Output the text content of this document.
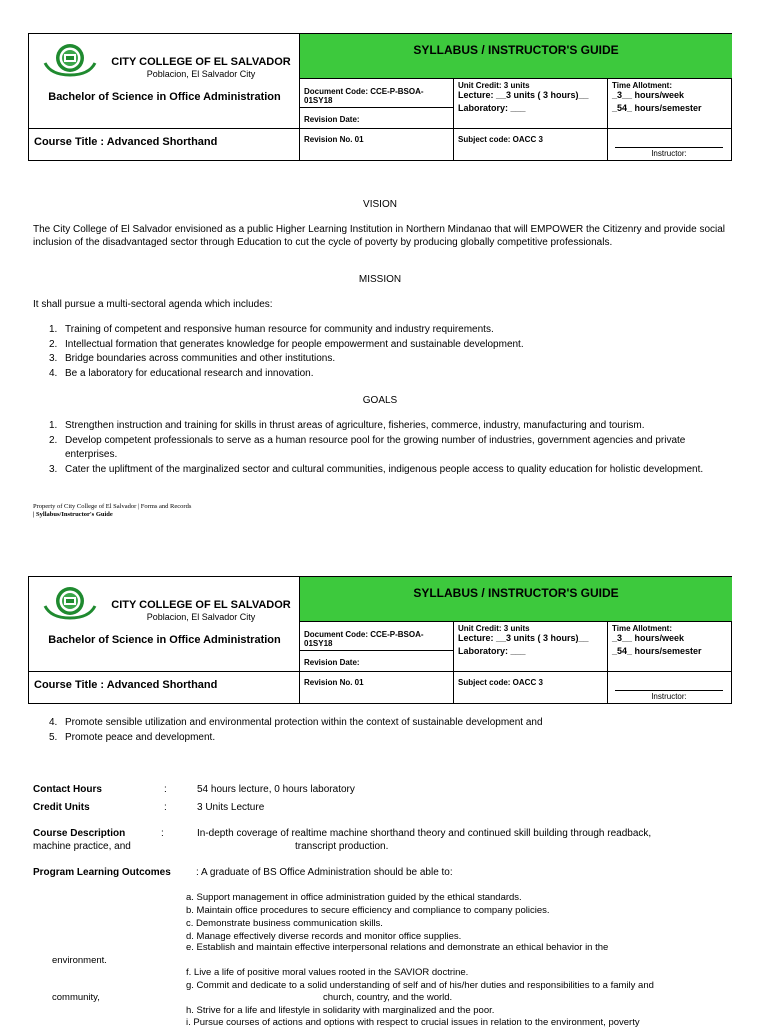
SYLLABUS / INSTRUCTOR'S GUIDE
CITY COLLEGE OF EL SALVADOR
Poblacion, El Salvador City
Bachelor of Science in Office Administration	Document Code: CCE-P-BSOA-01SY18
Revision Date:
Unit Credit: 3 units
Lecture: __3 units ( 3 hours)__
Laboratory: ___
Time Allotment:
_3__ hours/week
_54_ hours/semester
Course Title : Advanced Shorthand	Revision No. 01	Subject code: OACC 3
Instructor:
VISION
The City College of El Salvador envisioned as a public Higher Learning Institution in Northern Mindanao that will EMPOWER the Citizenry and provide social inclusion of the disadvantaged sector through Education to cut the cycle of poverty by producing globally competitive professionals.
MISSION
It shall pursue a multi-sectoral agenda which includes:
1. Training of competent and responsive human resource for community and industry requirements.
2. Intellectual formation that generates knowledge for people empowerment and sustainable development.
3. Bridge boundaries across communities and other institutions.
4. Be a laboratory for educational research and innovation.
GOALS
1. Strengthen instruction and training for skills in thrust areas of agriculture, fisheries, commerce, industry, manufacturing and tourism.
2. Develop competent professionals to serve as a human resource pool for the growing number of industries, government agencies and private enterprises.
3. Cater the upliftment of the marginalized sector and cultural communities, indigenous people access to quality education for holistic development.
Property of City College of El Salvador | Forms and Records
| Syllabus/Instructor's Guide
SYLLABUS / INSTRUCTOR'S GUIDE
CITY COLLEGE OF EL SALVADOR
Poblacion, El Salvador City
Bachelor of Science in Office Administration	Document Code: CCE-P-BSOA-01SY18
Revision Date:
Unit Credit: 3 units
Lecture: __3 units ( 3 hours)__
Laboratory: ___
Time Allotment:
_3__ hours/week
_54_ hours/semester
Course Title : Advanced Shorthand	Revision No. 01	Subject code: OACC 3
Instructor:
4. Promote sensible utilization and environmental protection within the context of sustainable development and
5. Promote peace and development.
Contact Hours	:	54 hours lecture, 0 hours laboratory
Credit Units	:	3 Units Lecture
Course Description	:	In-depth coverage of realtime machine shorthand theory and continued skill building through readback,
machine practice, and	transcript production.
Program Learning Outcomes	: A graduate of BS Office Administration should be able to:
a. Support management in office administration guided by the ethical standards.
b. Maintain office procedures to secure efficiency and compliance to company policies.
c. Demonstrate business communication skills.
d. Manage effectively diverse records and monitor office supplies.
e. Establish and maintain effective interpersonal relations and demonstrate an ethical behavior in the
environment.
f. Live a life of positive moral values rooted in the SAVIOR doctrine.
g. Commit and dedicate to a solid understanding of self and of his/her duties and responsibilities to a family and
community,	church, country, and the world.
h. Strive for a life and lifestyle in solidarity with marginalized and the poor.
i. Pursue courses of actions and options with respect to crucial issues in relation to the environment, poverty
